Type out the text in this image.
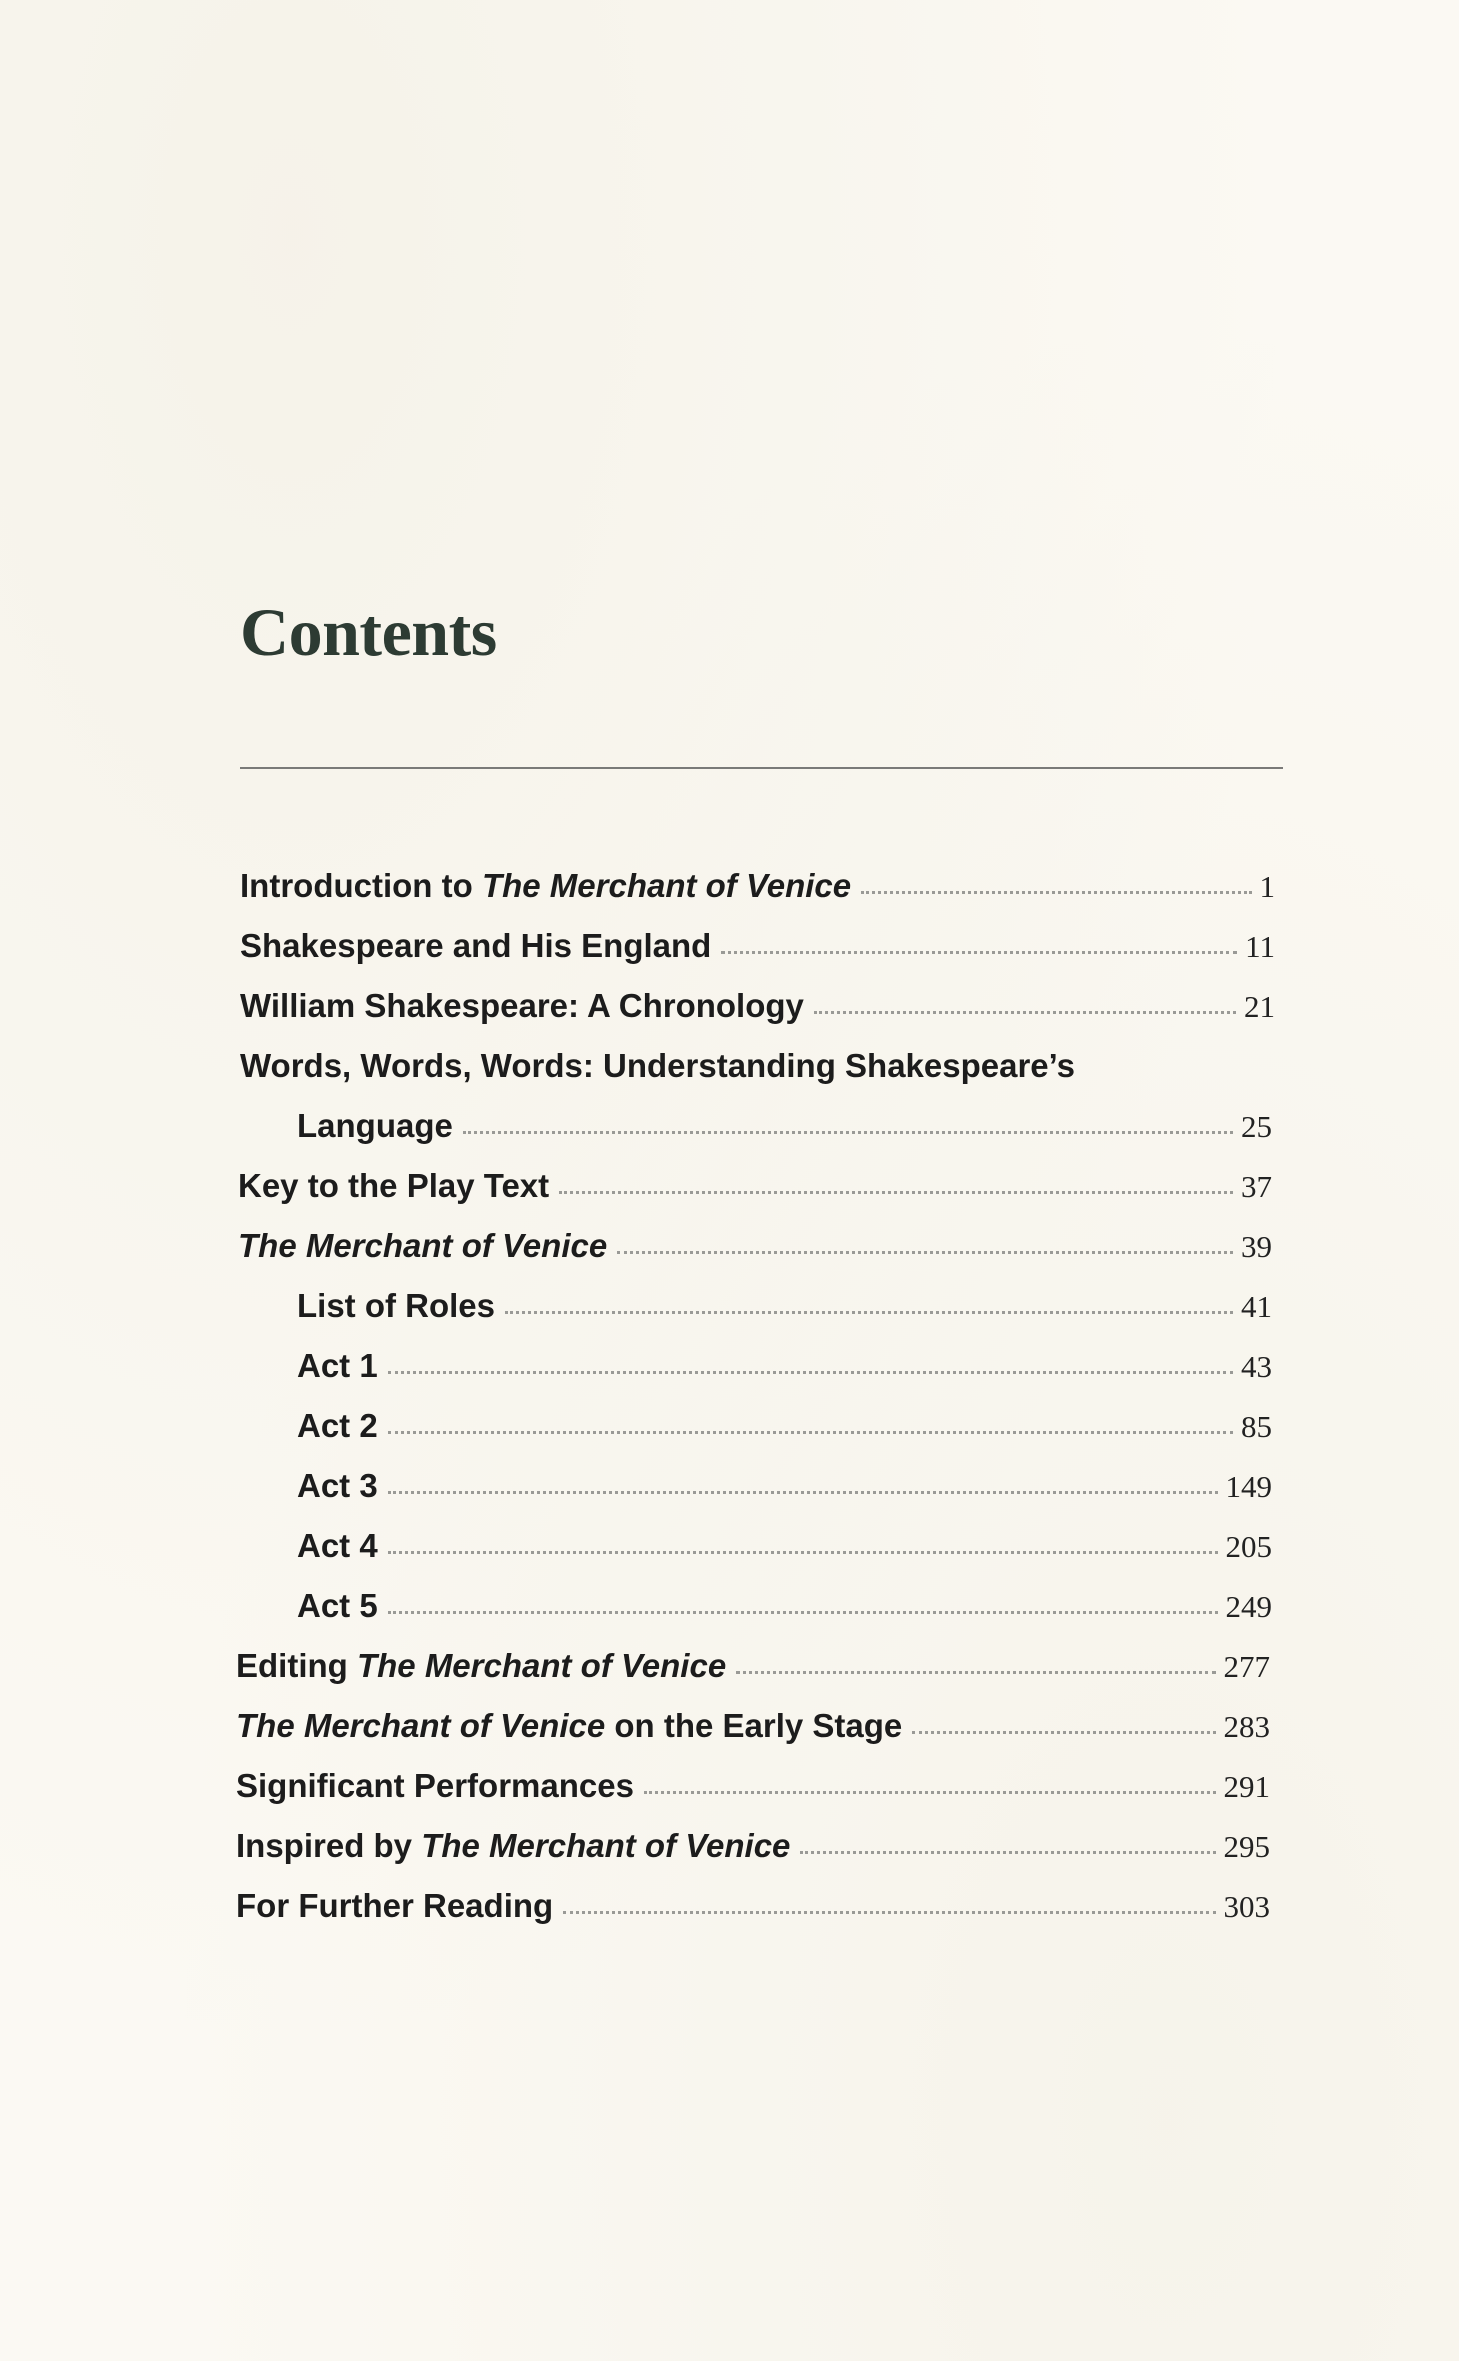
Contents
Introduction to The Merchant of Venice	1
Shakespeare and His England	11
William Shakespeare: A Chronology	21
Words, Words, Words: Understanding Shakespeare’s
Language	25
Key to the Play Text	37
The Merchant of Venice	39
List of Roles	41
Act 1	43
Act 2	85
Act 3	149
Act 4	205
Act 5	249
Editing The Merchant of Venice	277
The Merchant of Venice on the Early Stage	283
Significant Performances	291
Inspired by The Merchant of Venice	295
For Further Reading	303
